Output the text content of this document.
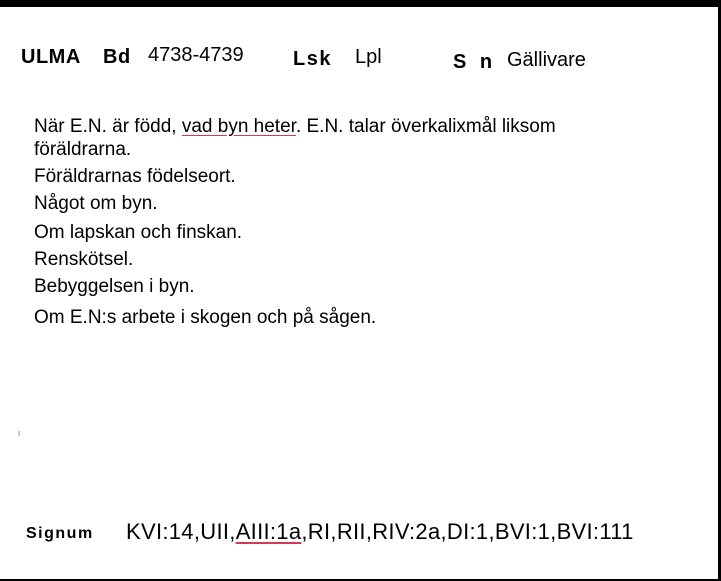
ULMA Bd 4738-4739 Lsk Lpl	S n Gällivare
När E.N. är född, vad byn heter. E.N. talar överkalixmål liksom
föräldrarna.
Föräldrarnas födelseort.
Något om byn.
Om lapskan och finskan.
Renskötsel.
Bebyggelsen i byn.
Om E.N:s arbete i skogen och på sågen.
Signum KVI:14,UII,AIII:1a,RI,RII,RIV:2a,DI:1,BVI:1,BVI:111
